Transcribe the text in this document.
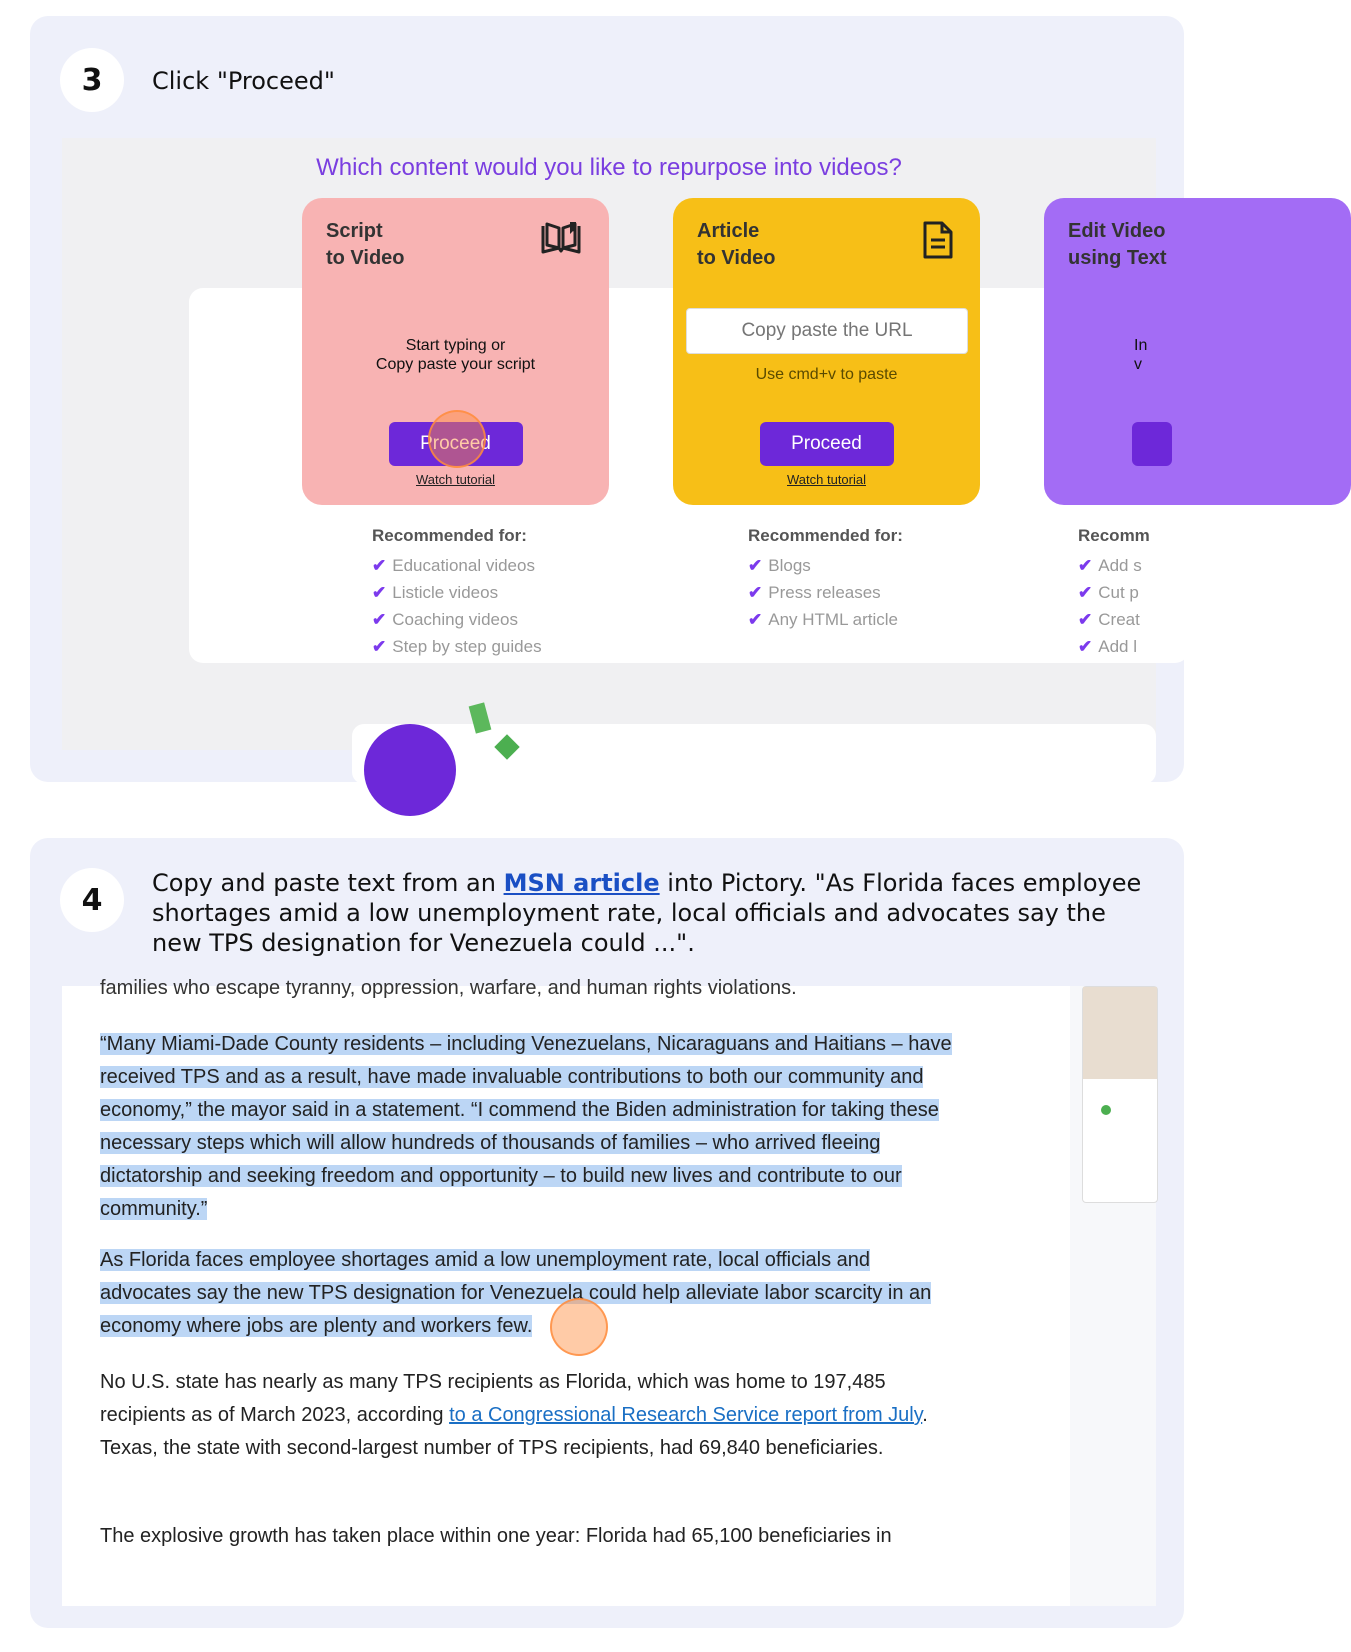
3	Click "Proceed"
Which content would you like to repurpose into videos?
Script
to Video
Start typing or
Copy paste your script
Proceed
Watch tutorial
Article
to Video
Copy paste the URL
Use cmd+v to paste
Proceed
Watch tutorial
Edit Video
using Text
In
v
Recommended for:
✔ Educational videos
✔ Listicle videos
✔ Coaching videos
✔ Step by step guides
Recommended for:
✔ Blogs
✔ Press releases
✔ Any HTML article
Recomm
✔ Add s
✔ Cut p
✔ Creat
✔ Add l
4	Copy and paste text from an MSN article into Pictory. "As Florida faces employee shortages amid a low unemployment rate, local officials and advocates say the new TPS designation for Venezuela could ...".
families who escape tyranny, oppression, warfare, and human rights violations.
“Many Miami-Dade County residents – including Venezuelans, Nicaraguans and Haitians – have received TPS and as a result, have made invaluable contributions to both our community and economy,” the mayor said in a statement. “I commend the Biden administration for taking these necessary steps which will allow hundreds of thousands of families – who arrived fleeing dictatorship and seeking freedom and opportunity – to build new lives and contribute to our community.”
As Florida faces employee shortages amid a low unemployment rate, local officials and advocates say the new TPS designation for Venezuela could help alleviate labor scarcity in an economy where jobs are plenty and workers few.
No U.S. state has nearly as many TPS recipients as Florida, which was home to 197,485 recipients as of March 2023, according to a Congressional Research Service report from July. Texas, the state with second-largest number of TPS recipients, had 69,840 beneficiaries.
The explosive growth has taken place within one year: Florida had 65,100 beneficiaries in
